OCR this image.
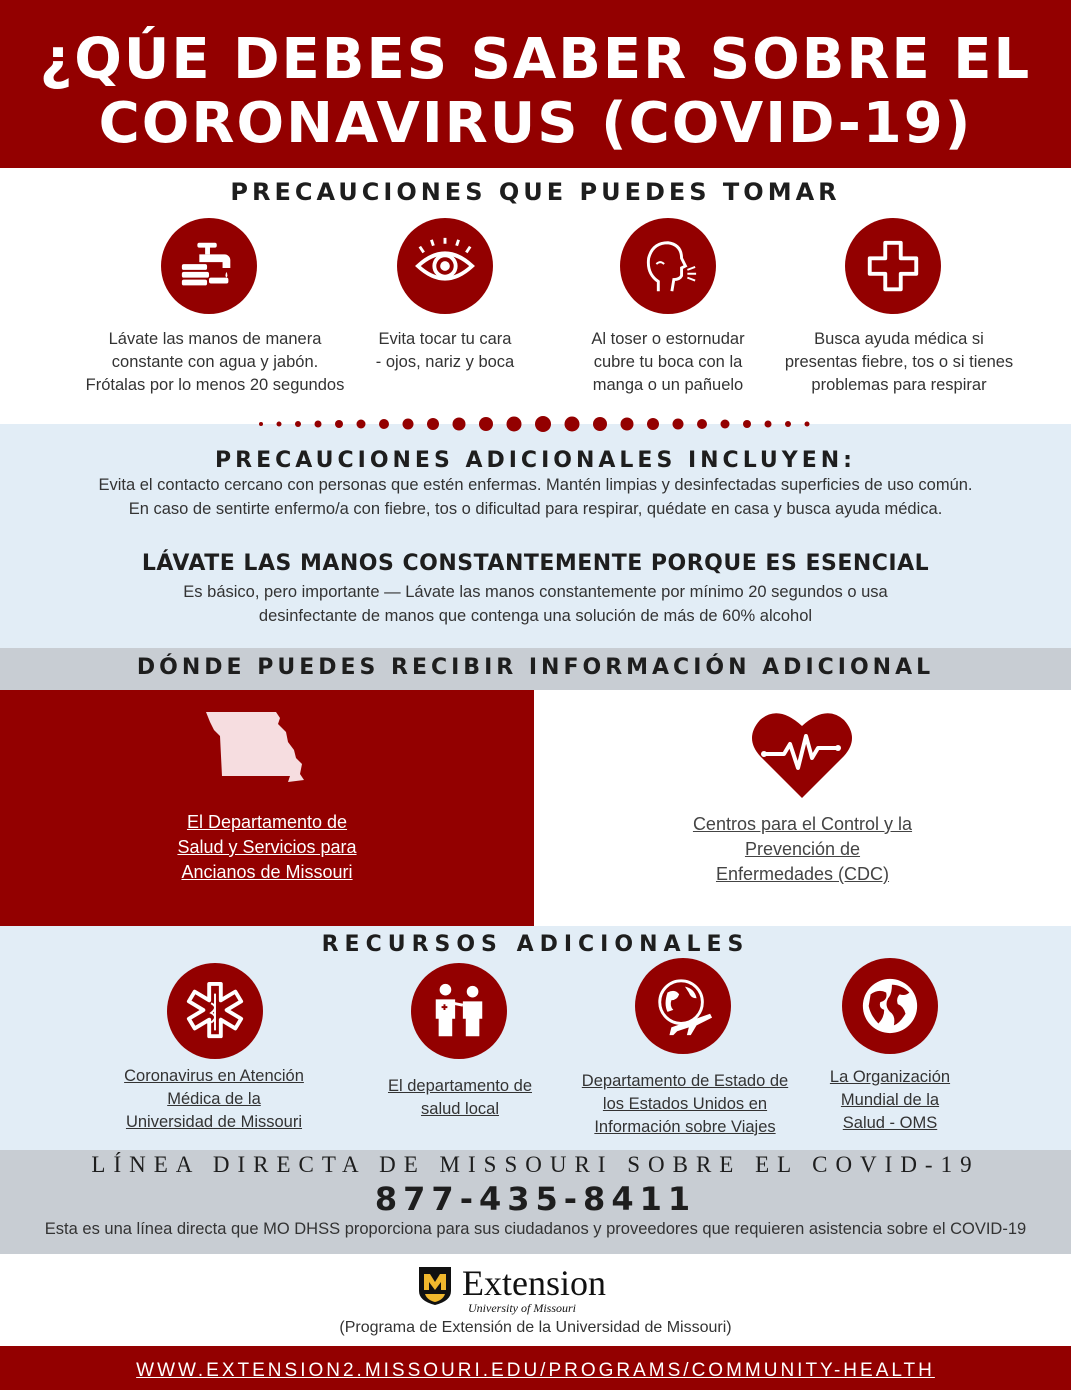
¿QÚE DEBES SABER SOBRE EL
CORONAVIRUS (COVID-19)
PRECAUCIONES QUE PUEDES TOMAR
Lávate las manos de manera
constante con agua y jabón.
Frótalas por lo menos 20 segundos
Evita tocar tu cara
- ojos, nariz y boca
Al toser o estornudar
cubre tu boca con la
manga o un pañuelo
Busca ayuda médica si
presentas fiebre, tos o si tienes
problemas para respirar
PRECAUCIONES ADICIONALES INCLUYEN:
Evita el contacto cercano con personas que estén enfermas. Mantén limpias y desinfectadas superficies de uso común.
En caso de sentirte enfermo/a con fiebre, tos o dificultad para respirar, quédate en casa y busca ayuda médica.
LÁVATE LAS MANOS CONSTANTEMENTE PORQUE ES ESENCIAL
Es básico, pero importante — Lávate las manos constantemente por mínimo 20 segundos o usa
desinfectante de manos que contenga una solución de más de 60% alcohol
DÓNDE PUEDES RECIBIR INFORMACIÓN ADICIONAL
El Departamento de
Salud y Servicios para
Ancianos de Missouri
Centros para el Control y la
Prevención de
Enfermedades (CDC)
RECURSOS ADICIONALES
Coronavirus en Atención
Médica de la
Universidad de Missouri
El departamento de
salud local
Departamento de Estado de
los Estados Unidos en
Información sobre Viajes
La Organización
Mundial de la
Salud - OMS
LÍNEA DIRECTA DE MISSOURI SOBRE EL COVID-19
877-435-8411
Esta es una línea directa que MO DHSS proporciona para sus ciudadanos y proveedores que requieren asistencia sobre el COVID-19
Extension
University of Missouri
(Programa de Extensión de la Universidad de Missouri)
WWW.EXTENSION2.MISSOURI.EDU/PROGRAMS/COMMUNITY-HEALTH
